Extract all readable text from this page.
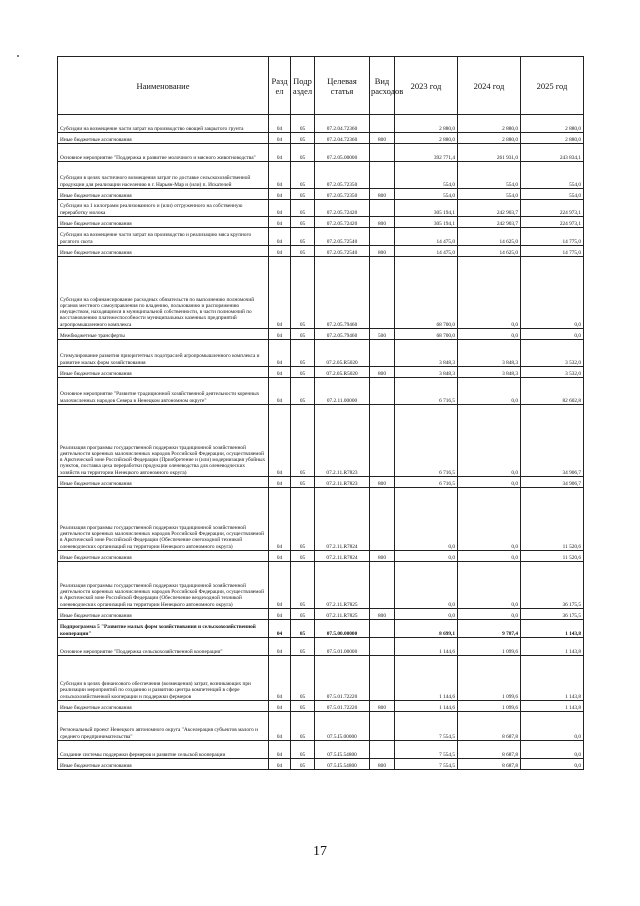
Наименование	Разд ел	Подр аздел	Целевая статья	Вид расходов	2023 год	2024 год	2025 год
Субсидии на возмещение части затрат на производство овощей закрытого грунта	04	05	07.2.04.72360		2 880,0	2 880,0	2 880,0
Иные бюджетные ассигнования	04	05	07.2.04.72360	800	2 880,0	2 880,0	2 880,0
Основное мероприятие "Поддержка и развитие молочного и мясного животноводства"	04	05	07.2.05.00000		392 771,4	261 931,0	243 834,1
Субсидии в целях частичного возмещения затрат по доставке сельскохозяйственной продукции для реализации населению в г. Нарьян-Мар и (или) п. Искателей	04	05	07.2.05.72350		554,0	554,0	554,0
Иные бюджетные ассигнования	04	05	07.2.05.72350	800	554,0	554,0	554,0
Субсидии на 1 килограмм реализованного и (или) отгруженного на собственную переработку молока	04	05	07.2.05.72420		305 194,1	242 903,7	224 973,1
Иные бюджетные ассигнования	04	05	07.2.05.72420	800	305 194,1	242 903,7	224 973,1
Субсидии на возмещение части затрат на производство и реализацию мяса крупного рогатого скота	04	05	07.2.05.72540		14 475,0	14 625,0	14 775,0
Иные бюджетные ассигнования	04	05	07.2.05.72540	800	14 475,0	14 625,0	14 775,0
Субсидии на софинансирование расходных обязательств по выполнению полномочий органов местного самоуправления по владению, пользованию и распоряжению имуществом, находящимся в муниципальной собственности, в части полномочий по восстановлению платежеспособности муниципальных казенных предприятий агропромышленного комплекса	04	05	07.2.05.79460		68 700,0	0,0	0,0
Межбюджетные трансферты	04	05	07.2.05.79460	500	68 700,0	0,0	0,0
Стимулирование развития приоритетных подотраслей агропромышленного комплекса и развитие малых форм хозяйствования	04	05	07.2.05.R5020		3 848,3	3 848,3	3 532,0
Иные бюджетные ассигнования	04	05	07.2.05.R5020	800	3 848,3	3 848,3	3 532,0
Основное мероприятие "Развитие традиционной хозяйственной деятельности коренных малочисленных народов Севера в Ненецком автономном округе"	04	05	07.2.11.00000		6 716,5	0,0	82 602,8
Реализация программы государственной поддержки традиционной хозяйственной деятельности коренных малочисленных народов Российской Федерации, осуществляемой в Арктической зоне Российской Федерации (Приобретение и (или) модернизация убойных пунктов, поставка цеха переработки продукции оленеводства для оленеводческих хозяйств на территории Ненецкого автономного округа)	04	05	07.2.11.R7823		6 716,5	0,0	34 906,7
Иные бюджетные ассигнования	04	05	07.2.11.R7823	800	6 716,5	0,0	34 906,7
Реализация программы государственной поддержки традиционной хозяйственной деятельности коренных малочисленных народов Российской Федерации, осуществляемой в Арктической зоне Российской Федерации (Обеспечение снегоходной техникой оленеводческих организаций на территории Ненецкого автономного округа)	04	05	07.2.11.R7824		0,0	0,0	11 520,6
Иные бюджетные ассигнования	04	05	07.2.11.R7824	800	0,0	0,0	11 520,6
Реализация программы государственной поддержки традиционной хозяйственной деятельности коренных малочисленных народов Российской Федерации, осуществляемой в Арктической зоне Российской Федерации (Обеспечение вездеходной техникой оленеводческих организаций на территории Ненецкого автономного округа)	04	05	07.2.11.R7825		0,0	0,0	36 175,5
Иные бюджетные ассигнования	04	05	07.2.11.R7825	800	0,0	0,0	36 175,5
Подпрограмма 5 "Развитие малых форм хозяйствования и сельскохозяйственной кооперации"	04	05	07.5.00.00000		8 699,1	9 787,4	1 143,8
Основное мероприятие "Поддержка сельскохозяйственной кооперации"	04	05	07.5.01.00000		1 144,6	1 099,6	1 143,8
Субсидии в целях финансового обеспечения (возмещения) затрат, возникающих при реализации мероприятий по созданию и развитию центра компетенций в сфере сельскохозяйственной кооперации и поддержки фермеров	04	05	07.5.01.72220		1 144,6	1 099,6	1 143,8
Иные бюджетные ассигнования	04	05	07.5.01.72220	800	1 144,6	1 099,6	1 143,8
Региональный проект Ненецкого автономного округа "Акселерация субъектов малого и среднего предпринимательства"	04	05	07.5.I5.00000		7 554,5	8 687,8	0,0
Создание системы поддержки фермеров и развитие сельской кооперации	04	05	07.5.I5.54800		7 554,5	8 687,8	0,0
Иные бюджетные ассигнования	04	05	07.5.I5.54800	800	7 554,5	8 687,8	0,0
17
